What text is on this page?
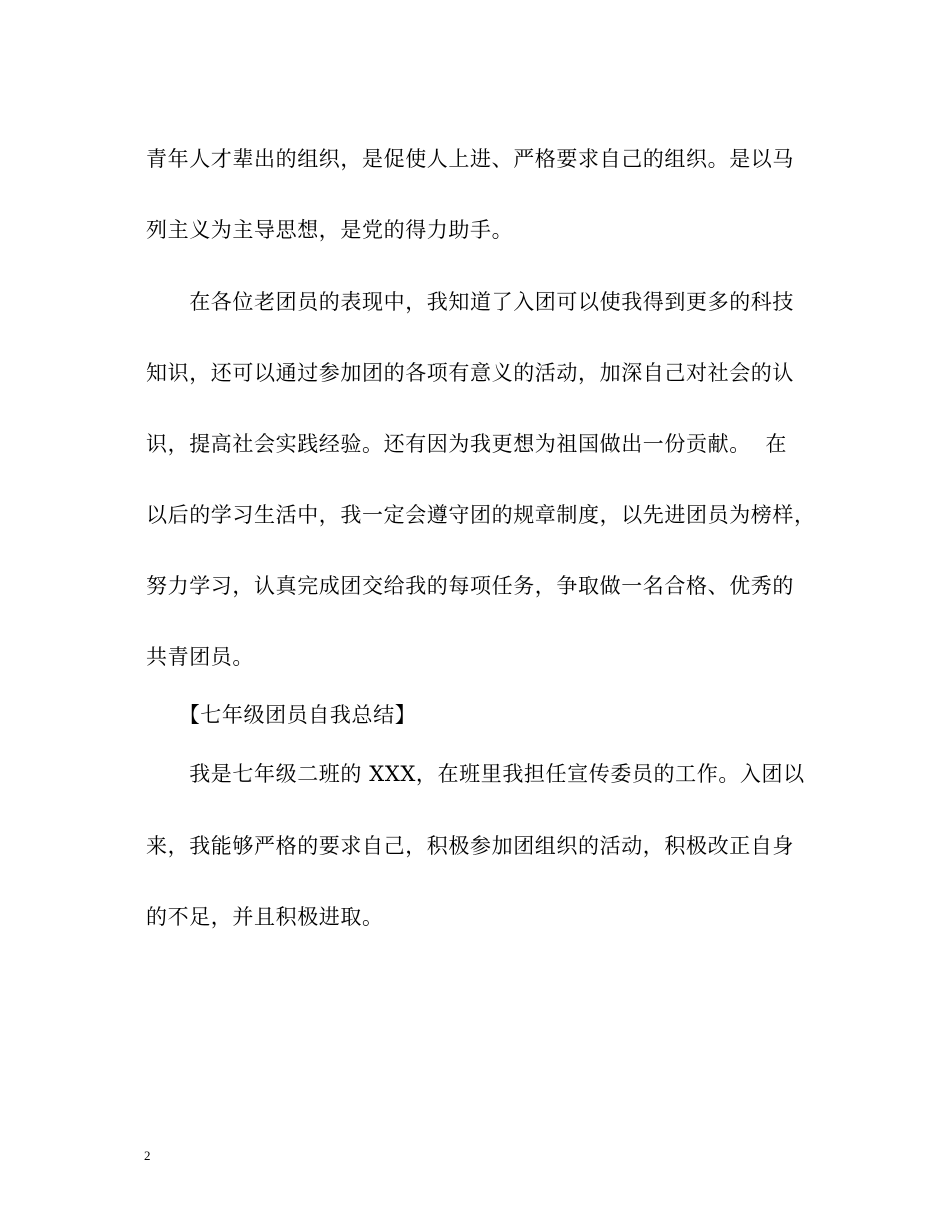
青年人才辈出的组织，是促使人上进、严格要求自己的组织。是以马
列主义为主导思想，是党的得力助手。
　　在各位老团员的表现中，我知道了入团可以使我得到更多的科技
知识，还可以通过参加团的各项有意义的活动，加深自己对社会的认
识，提高社会实践经验。还有因为我更想为祖国做出一份贡献。  在
以后的学习生活中，我一定会遵守团的规章制度，以先进团员为榜样，
努力学习，认真完成团交给我的每项任务，争取做一名合格、优秀的
共青团员。
　　【七年级团员自我总结】
　　我是七年级二班的 XXX，在班里我担任宣传委员的工作。入团以
来，我能够严格的要求自己，积极参加团组织的活动，积极改正自身
的不足，并且积极进取。
2
